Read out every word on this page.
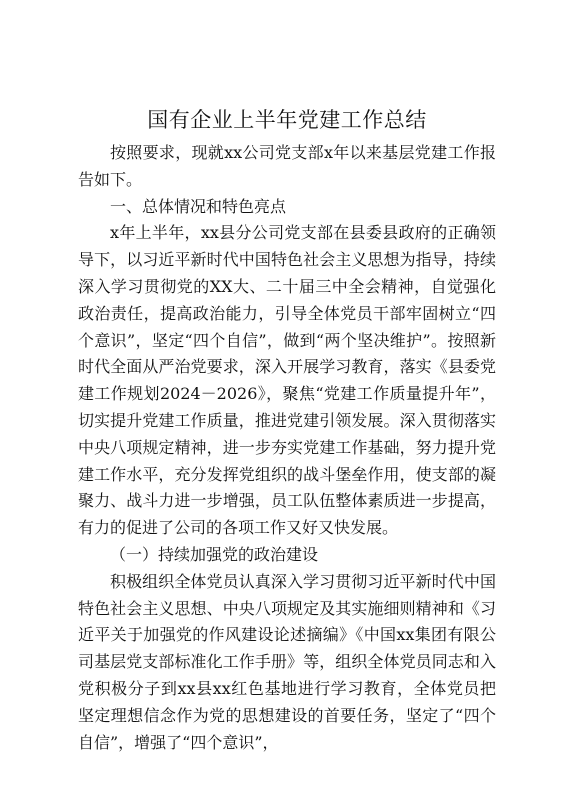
国有企业上半年党建工作总结

按照要求，现就xx公司党支部x年以来基层党建工作报告如下。

一、总体情况和特色亮点

x年上半年，xx县分公司党支部在县委县政府的正确领导下，以习近平新时代中国特色社会主义思想为指导，持续深入学习贯彻党的XX大、二十届三中全会精神，自觉强化政治责任，提高政治能力，引导全体党员干部牢固树立“四个意识”，坚定“四个自信”，做到“两个坚决维护”。按照新时代全面从严治党要求，深入开展学习教育，落实《县委党建工作规划2024－2026》，聚焦“党建工作质量提升年”，切实提升党建工作质量，推进党建引领发展。深入贯彻落实中央八项规定精神，进一步夯实党建工作基础，努力提升党建工作水平，充分发挥党组织的战斗堡垒作用，使支部的凝聚力、战斗力进一步增强，员工队伍整体素质进一步提高，有力的促进了公司的各项工作又好又快发展。

（一）持续加强党的政治建设

积极组织全体党员认真深入学习贯彻习近平新时代中国特色社会主义思想、中央八项规定及其实施细则精神和《习近平关于加强党的作风建设论述摘编》《中国xx集团有限公司基层党支部标准化工作手册》等，组织全体党员同志和入党积极分子到xx县xx红色基地进行学习教育，全体党员把坚定理想信念作为党的思想建设的首要任务，坚定了“四个自信”，增强了“四个意识”，
